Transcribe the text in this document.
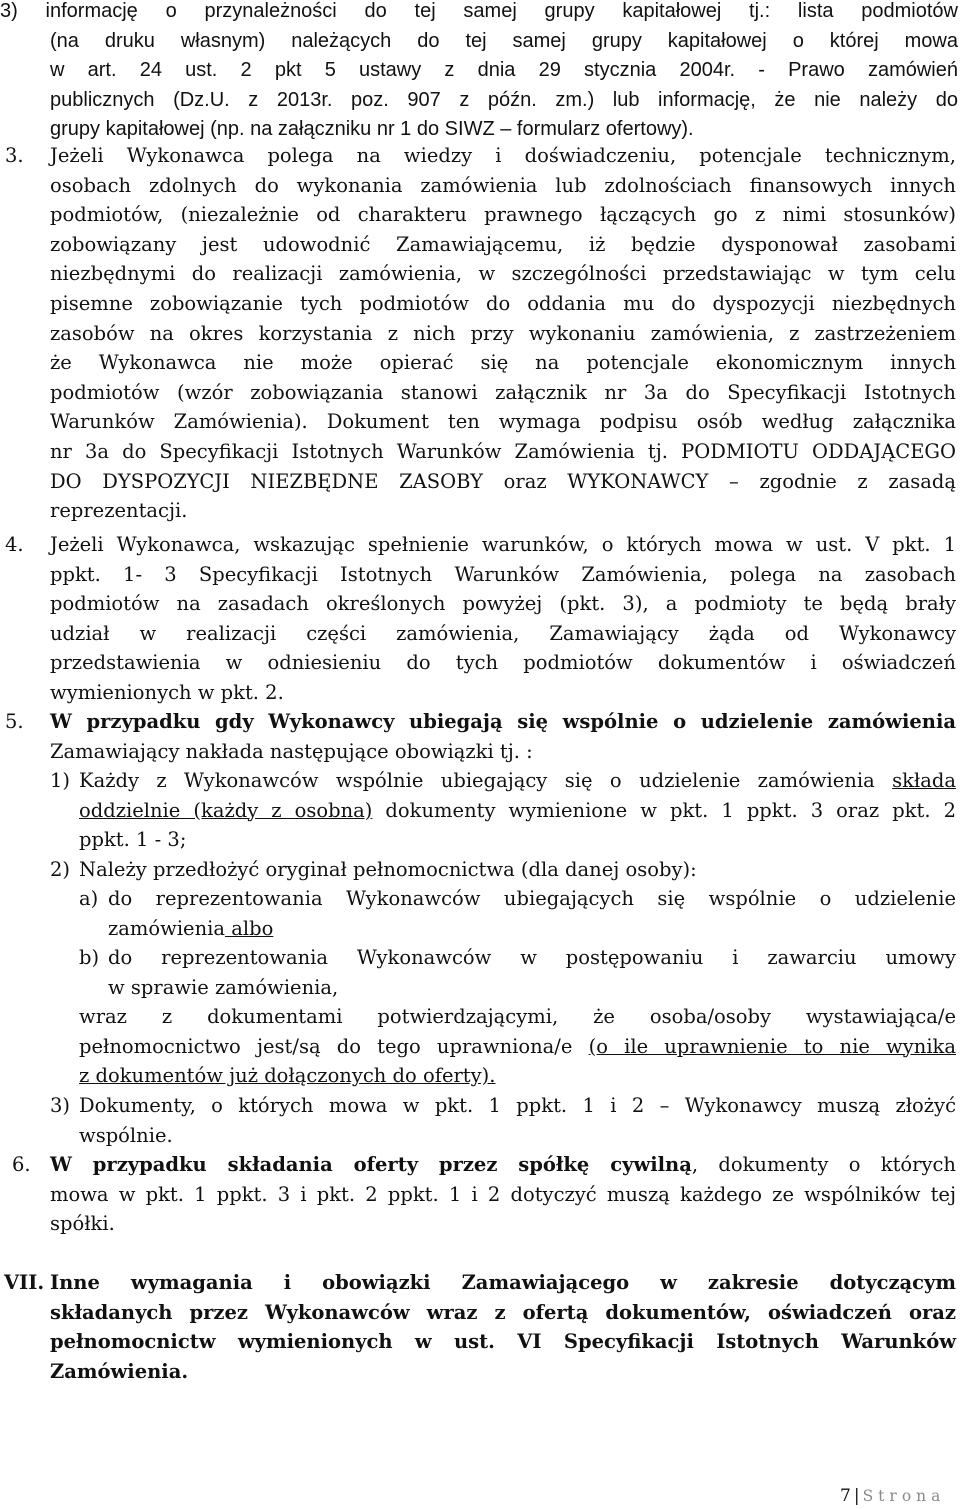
3) informację o przynależności do tej samej grupy kapitałowej tj.: lista podmiotów

(na druku własnym) należących do tej samej grupy kapitałowej o której mowa

w art. 24 ust. 2 pkt 5 ustawy z dnia 29 stycznia 2004r. - Prawo zamówień

publicznych (Dz.U. z 2013r. poz. 907 z późn. zm.) lub informację, że nie należy do

grupy kapitałowej (np. na załączniku nr 1 do SIWZ – formularz ofertowy).

3. Jeżeli Wykonawca polega na wiedzy i doświadczeniu, potencjale technicznym,

osobach zdolnych do wykonania zamówienia lub zdolnościach finansowych innych

podmiotów, (niezależnie od charakteru prawnego łączących go z nimi stosunków)

zobowiązany jest udowodnić Zamawiającemu, iż będzie dysponował zasobami

niezbędnymi do realizacji zamówienia, w szczególności przedstawiając w tym celu

pisemne zobowiązanie tych podmiotów do oddania mu do dyspozycji niezbędnych

zasobów na okres korzystania z nich przy wykonaniu zamówienia, z zastrzeżeniem

że Wykonawca nie może opierać się na potencjale ekonomicznym innych

podmiotów (wzór zobowiązania stanowi załącznik nr 3a do Specyfikacji Istotnych

Warunków Zamówienia). Dokument ten wymaga podpisu osób według załącznika

nr 3a do Specyfikacji Istotnych Warunków Zamówienia tj. PODMIOTU ODDAJĄCEGO

DO DYSPOZYCJI NIEZBĘDNE ZASOBY oraz WYKONAWCY – zgodnie z zasadą

reprezentacji.

4. Jeżeli Wykonawca, wskazując spełnienie warunków, o których mowa w ust. V pkt. 1

ppkt. 1- 3 Specyfikacji Istotnych Warunków Zamówienia, polega na zasobach

podmiotów na zasadach określonych powyżej (pkt. 3), a podmioty te będą brały

udział w realizacji części zamówienia, Zamawiający żąda od Wykonawcy

przedstawienia w odniesieniu do tych podmiotów dokumentów i oświadczeń

wymienionych w pkt. 2.

5. W przypadku gdy Wykonawcy ubiegają się wspólnie o udzielenie zamówienia

Zamawiający nakłada następujące obowiązki tj. :

1) Każdy z Wykonawców wspólnie ubiegający się o udzielenie zamówienia składa

oddzielnie (każdy z osobna) dokumenty wymienione w pkt. 1 ppkt. 3 oraz pkt. 2

ppkt. 1 - 3;

2) Należy przedłożyć oryginał pełnomocnictwa (dla danej osoby):

a) do reprezentowania Wykonawców ubiegających się wspólnie o udzielenie

zamówienia albo

b) do reprezentowania Wykonawców w postępowaniu i zawarciu umowy

w sprawie zamówienia,

wraz z dokumentami potwierdzającymi, że osoba/osoby wystawiająca/e

pełnomocnictwo jest/są do tego uprawniona/e (o ile uprawnienie to nie wynika

z dokumentów już dołączonych do oferty).

3) Dokumenty, o których mowa w pkt. 1 ppkt. 1 i 2 – Wykonawcy muszą złożyć

wspólnie.

6. W przypadku składania oferty przez spółkę cywilną, dokumenty o których

mowa w pkt. 1 ppkt. 3 i pkt. 2 ppkt. 1 i 2 dotyczyć muszą każdego ze wspólników tej

spółki.

VII. Inne wymagania i obowiązki Zamawiającego w zakresie dotyczącym

składanych przez Wykonawców wraz z ofertą dokumentów, oświadczeń oraz

pełnomocnictw wymienionych w ust. VI Specyfikacji Istotnych Warunków

Zamówienia.

7 | Strona
